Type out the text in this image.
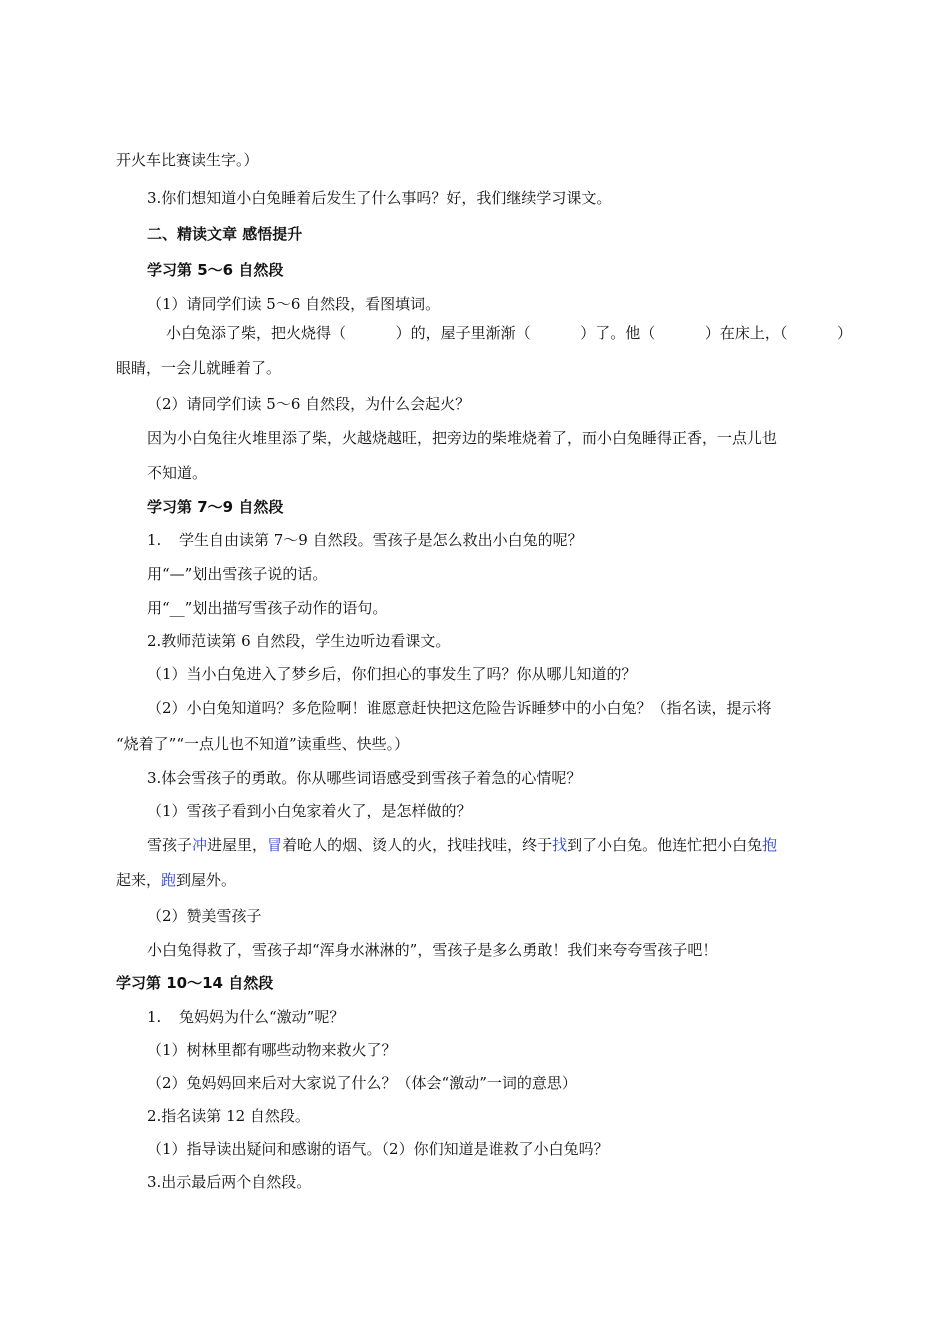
开火车比赛读生字。）
3.你们想知道小白兔睡着后发生了什么事吗？好，我们继续学习课文。
二、精读文章 感悟提升
学习第 5～6 自然段
（1）请同学们读 5～6 自然段，看图填词。
小白兔添了柴，把火烧得（	）的，屋子里渐渐（	）了。他（	）在床上，（	）
眼睛，一会儿就睡着了。
（2）请同学们读 5～6 自然段，为什么会起火？
因为小白兔往火堆里添了柴，火越烧越旺，把旁边的柴堆烧着了，而小白兔睡得正香，一点儿也
不知道。
学习第 7～9 自然段
1. 学生自由读第 7～9 自然段。雪孩子是怎么救出小白兔的呢？
用“—”划出雪孩子说的话。
用“__”划出描写雪孩子动作的语句。
2.教师范读第 6 自然段，学生边听边看课文。
（1）当小白兔进入了梦乡后，你们担心的事发生了吗？你从哪儿知道的？
（2）小白兔知道吗？多危险啊！谁愿意赶快把这危险告诉睡梦中的小白兔？（指名读，提示将
“烧着了”“一点儿也不知道”读重些、快些。）
3.体会雪孩子的勇敢。你从哪些词语感受到雪孩子着急的心情呢？
（1）雪孩子看到小白兔家着火了，是怎样做的？
雪孩子冲进屋里，冒着呛人的烟、烫人的火，找哇找哇，终于找到了小白兔。他连忙把小白兔抱
起来，跑到屋外。
（2）赞美雪孩子
小白兔得救了，雪孩子却“浑身水淋淋的”，雪孩子是多么勇敢！我们来夸夸雪孩子吧！
学习第 10～14 自然段
1. 兔妈妈为什么“激动”呢？
（1）树林里都有哪些动物来救火了？
（2）兔妈妈回来后对大家说了什么？（体会“激动”一词的意思）
2.指名读第 12 自然段。
（1）指导读出疑问和感谢的语气。（2）你们知道是谁救了小白兔吗？
3.出示最后两个自然段。
